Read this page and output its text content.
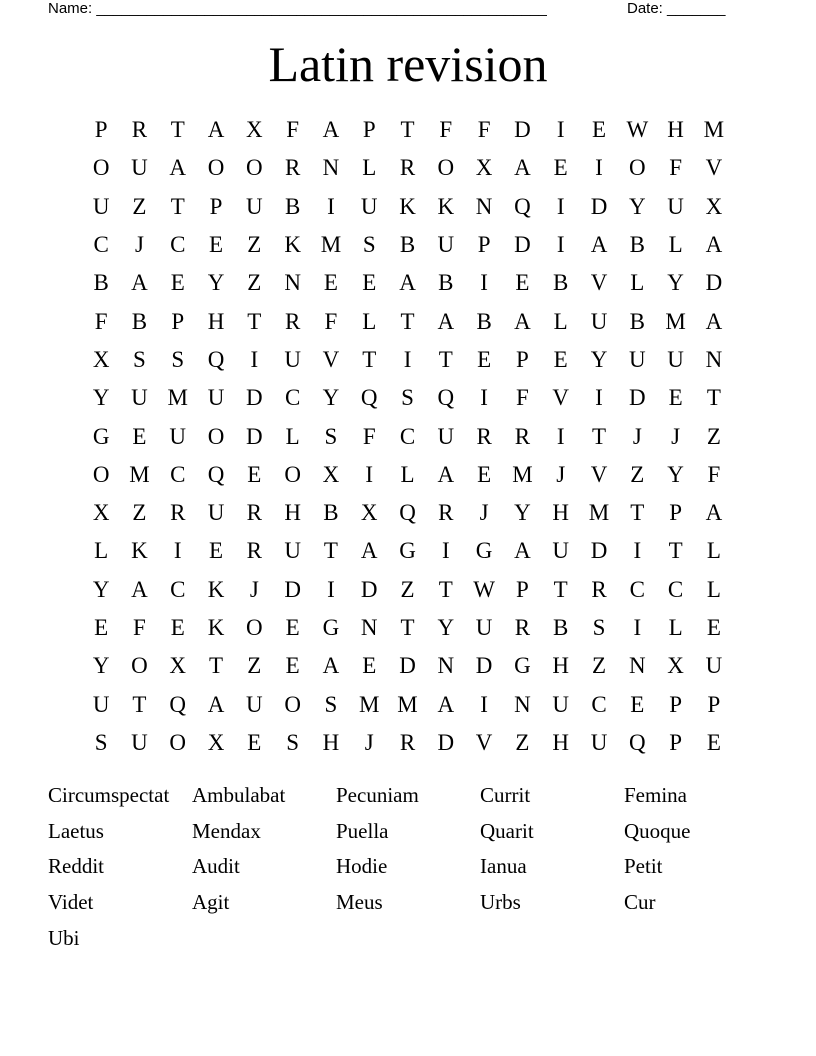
Name: ______________________________________________________	Date: _______
Latin revision
P	R	T A X	F	A	P	T	F	F	D	I	E W H M
O U A O O R N L	R O X A E	I	O	F	V
U Z	T	P	U B	I	U K K N Q	I	D Y U X
C	J	C	E	Z K M S	B U	P	D	I	A B	L A
B A E Y Z N E	E A B	I	E	B V L Y D
F	B	P	H T	R	F	L	T A B A L U B M A
X	S	S	Q	I	U V T	I	T	E	P	E Y U U N
Y U M U D C Y Q	S	Q	I	F	V	I	D E	T
G E U O D L	S	F	C U R R	I	T	J	J	Z
O M C Q E O X	I	L A E M	J	V Z Y	F
X Z	R U R H B X Q R	J	Y H M T	P	A
L K	I	E	R U T A G	I	G A U D	I	T	L
Y A C K	J	D	I	D Z	T W P	T	R C C	L
E	F	E K O E G N T Y U R B	S	I	L	E
Y O X T	Z	E A E D N D G H Z N X U
U T Q A U O	S M M A	I	N U C	E	P	P
S	U O X E	S	H	J	R D V Z H U Q	P	E
Circumspectat	Ambulabat	Pecuniam	Currit	Femina
Laetus	Mendax	Puella	Quarit	Quoque
Reddit	Audit	Hodie	Ianua	Petit
Videt	Agit	Meus	Urbs	Cur
Ubi
